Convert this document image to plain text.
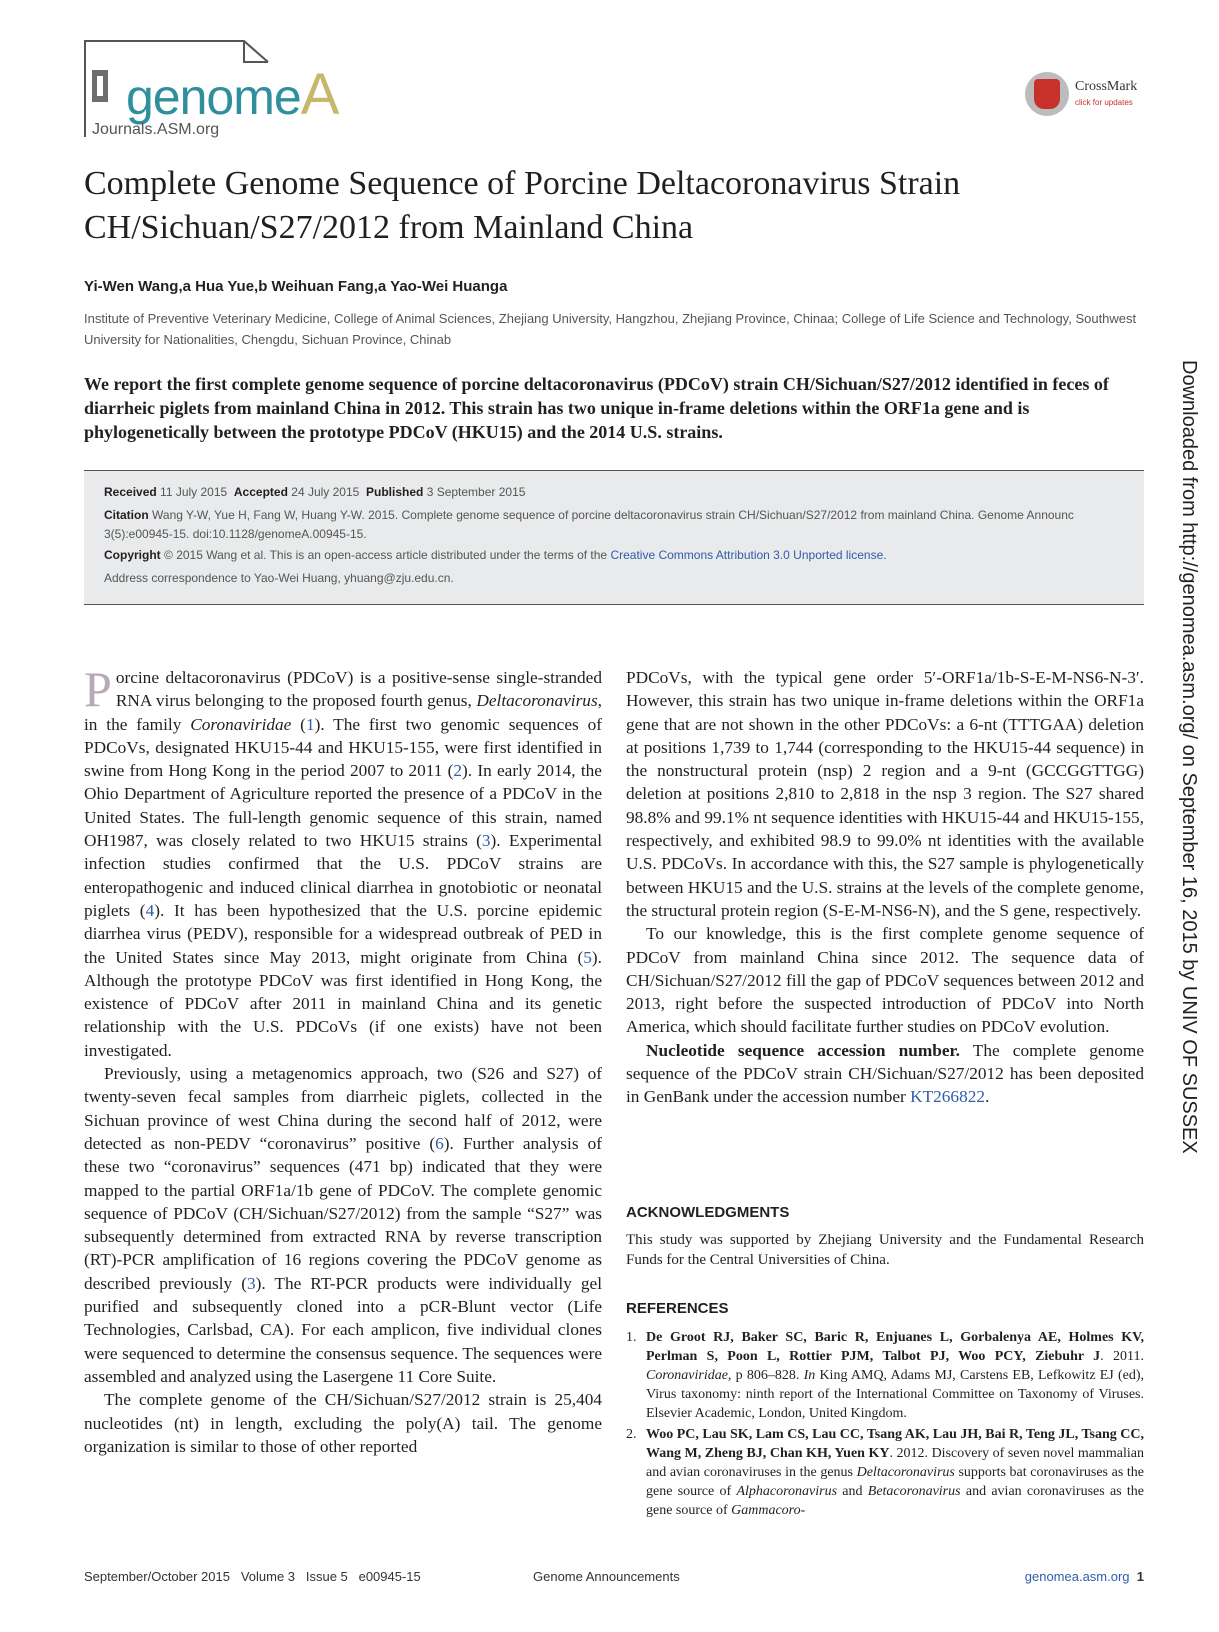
genomeA
Journals.ASM.org
CrossMark
click for updates
Complete Genome Sequence of Porcine Deltacoronavirus Strain CH/Sichuan/S27/2012 from Mainland China
Yi-Wen Wang,a Hua Yue,b Weihuan Fang,a Yao-Wei Huanga
Institute of Preventive Veterinary Medicine, College of Animal Sciences, Zhejiang University, Hangzhou, Zhejiang Province, Chinaa; College of Life Science and Technology, Southwest University for Nationalities, Chengdu, Sichuan Province, Chinab
We report the first complete genome sequence of porcine deltacoronavirus (PDCoV) strain CH/Sichuan/S27/2012 identified in feces of diarrheic piglets from mainland China in 2012. This strain has two unique in-frame deletions within the ORF1a gene and is phylogenetically between the prototype PDCoV (HKU15) and the 2014 U.S. strains.
Received 11 July 2015 Accepted 24 July 2015 Published 3 September 2015
Citation Wang Y-W, Yue H, Fang W, Huang Y-W. 2015. Complete genome sequence of porcine deltacoronavirus strain CH/Sichuan/S27/2012 from mainland China. Genome Announc 3(5):e00945-15. doi:10.1128/genomeA.00945-15.
Copyright © 2015 Wang et al. This is an open-access article distributed under the terms of the Creative Commons Attribution 3.0 Unported license.
Address correspondence to Yao-Wei Huang, yhuang@zju.edu.cn.	Downloaded from http://genomea.asm.org/ on September 16, 2015 by UNIV OF SUSSEX

Porcine deltacoronavirus (PDCoV) is a positive-sense single-stranded RNA virus belonging to the proposed fourth genus, Deltacoronavirus, in the family Coronaviridae (1). The first two genomic sequences of PDCoVs, designated HKU15-44 and HKU15-155, were first identified in swine from Hong Kong in the period 2007 to 2011 (2). In early 2014, the Ohio Department of Agriculture reported the presence of a PDCoV in the United States. The full-length genomic sequence of this strain, named OH1987, was closely related to two HKU15 strains (3). Experimental infection studies confirmed that the U.S. PDCoV strains are enteropathogenic and induced clinical diarrhea in gnotobiotic or neonatal piglets (4). It has been hypothesized that the U.S. porcine epidemic diarrhea virus (PEDV), responsible for a widespread outbreak of PED in the United States since May 2013, might originate from China (5). Although the prototype PDCoV was first identified in Hong Kong, the existence of PDCoV after 2011 in mainland China and its genetic relationship with the U.S. PDCoVs (if one exists) have not been investigated.

Previously, using a metagenomics approach, two (S26 and S27) of twenty-seven fecal samples from diarrheic piglets, collected in the Sichuan province of west China during the second half of 2012, were detected as non-PEDV “coronavirus” positive (6). Further analysis of these two “coronavirus” sequences (471 bp) indicated that they were mapped to the partial ORF1a/1b gene of PDCoV. The complete genomic sequence of PDCoV (CH/Sichuan/S27/2012) from the sample “S27” was subsequently determined from extracted RNA by reverse transcription (RT)-PCR amplification of 16 regions covering the PDCoV genome as described previously (3). The RT-PCR products were individually gel purified and subsequently cloned into a pCR-Blunt vector (Life Technologies, Carlsbad, CA). For each amplicon, five individual clones were sequenced to determine the consensus sequence. The sequences were assembled and analyzed using the Lasergene 11 Core Suite.

The complete genome of the CH/Sichuan/S27/2012 strain is 25,404 nucleotides (nt) in length, excluding the poly(A) tail. The genome organization is similar to those of other reported

PDCoVs, with the typical gene order 5′-ORF1a/1b-S-E-M-NS6-N-3′. However, this strain has two unique in-frame deletions within the ORF1a gene that are not shown in the other PDCoVs: a 6-nt (TTTGAA) deletion at positions 1,739 to 1,744 (corresponding to the HKU15-44 sequence) in the nonstructural protein (nsp) 2 region and a 9-nt (GCCGGTTGG) deletion at positions 2,810 to 2,818 in the nsp 3 region. The S27 shared 98.8% and 99.1% nt sequence identities with HKU15-44 and HKU15-155, respectively, and exhibited 98.9 to 99.0% nt identities with the available U.S. PDCoVs. In accordance with this, the S27 sample is phylogenetically between HKU15 and the U.S. strains at the levels of the complete genome, the structural protein region (S-E-M-NS6-N), and the S gene, respectively.

To our knowledge, this is the first complete genome sequence of PDCoV from mainland China since 2012. The sequence data of CH/Sichuan/S27/2012 fill the gap of PDCoV sequences between 2012 and 2013, right before the suspected introduction of PDCoV into North America, which should facilitate further studies on PDCoV evolution.

Nucleotide sequence accession number. The complete genome sequence of the PDCoV strain CH/Sichuan/S27/2012 has been deposited in GenBank under the accession number KT266822.

ACKNOWLEDGMENTS
This study was supported by Zhejiang University and the Fundamental Research Funds for the Central Universities of China.
REFERENCES
1. De Groot RJ, Baker SC, Baric R, Enjuanes L, Gorbalenya AE, Holmes KV, Perlman S, Poon L, Rottier PJM, Talbot PJ, Woo PCY, Ziebuhr J. 2011. Coronaviridae, p 806–828. In King AMQ, Adams MJ, Carstens EB, Lefkowitz EJ (ed), Virus taxonomy: ninth report of the International Committee on Taxonomy of Viruses. Elsevier Academic, London, United Kingdom.
2. Woo PC, Lau SK, Lam CS, Lau CC, Tsang AK, Lau JH, Bai R, Teng JL, Tsang CC, Wang M, Zheng BJ, Chan KH, Yuen KY. 2012. Discovery of seven novel mammalian and avian coronaviruses in the genus Deltacoronavirus supports bat coronaviruses as the gene source of Alphacoronavirus and Betacoronavirus and avian coronaviruses as the gene source of Gammacoro-
September/October 2015   Volume 3   Issue 5   e00945-15	Genome Announcements	genomea.asm.org 1
